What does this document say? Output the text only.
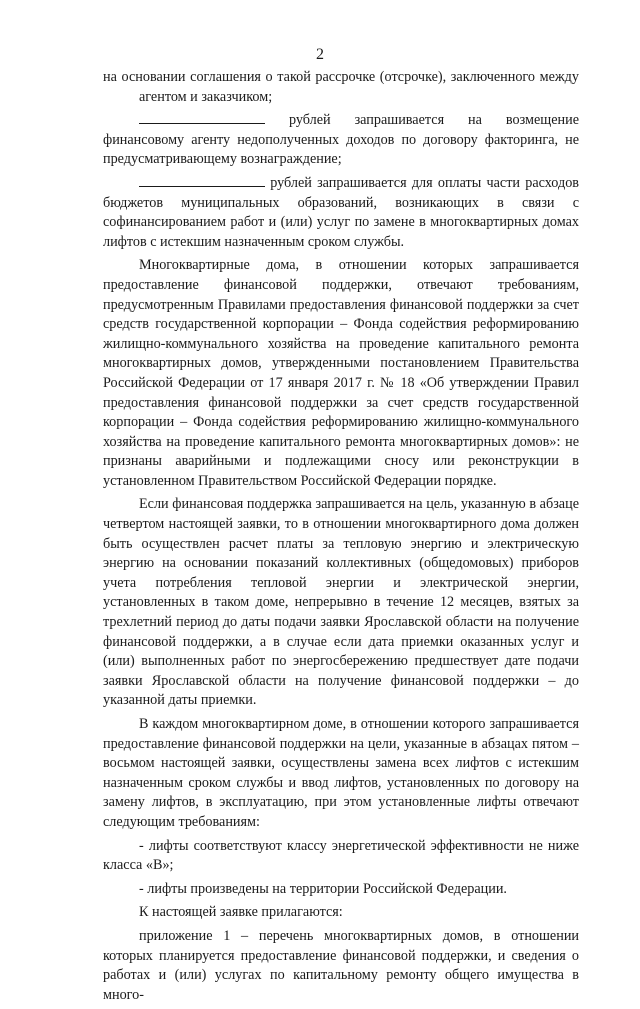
2

на основании соглашения о такой рассрочке (отсрочке), заключенного между агентом и заказчиком;

рублей запрашивается на возмещение финансовому агенту недополученных доходов по договору факторинга, не предусматривающему вознаграждение;

рублей запрашивается для оплаты части расходов бюджетов муниципальных образований, возникающих в связи с софинансированием работ и (или) услуг по замене в многоквартирных домах лифтов с истекшим назначенным сроком службы.

Многоквартирные дома, в отношении которых запрашивается предоставление финансовой поддержки, отвечают требованиям, предусмотренным Правилами предоставления финансовой поддержки за счет средств государственной корпорации – Фонда содействия реформированию жилищно-коммунального хозяйства на проведение капитального ремонта многоквартирных домов, утвержденными постановлением Правительства Российской Федерации от 17 января 2017 г. № 18 «Об утверждении Правил предоставления финансовой поддержки за счет средств государственной корпорации – Фонда содействия реформированию жилищно-коммунального хозяйства на проведение капитального ремонта многоквартирных домов»: не признаны аварийными и подлежащими сносу или реконструкции в установленном Правительством Российской Федерации порядке.

Если финансовая поддержка запрашивается на цель, указанную в абзаце четвертом настоящей заявки, то в отношении многоквартирного дома должен быть осуществлен расчет платы за тепловую энергию и электрическую энергию на основании показаний коллективных (общедомовых) приборов учета потребления тепловой энергии и электрической энергии, установленных в таком доме, непрерывно в течение 12 месяцев, взятых за трехлетний период до даты подачи заявки Ярославской области на получение финансовой поддержки, а в случае если дата приемки оказанных услуг и (или) выполненных работ по энергосбережению предшествует дате подачи заявки Ярославской области на получение финансовой поддержки – до указанной даты приемки.

В каждом многоквартирном доме, в отношении которого запрашивается предоставление финансовой поддержки на цели, указанные в абзацах пятом – восьмом настоящей заявки, осуществлены замена всех лифтов с истекшим назначенным сроком службы и ввод лифтов, установленных по договору на замену лифтов, в эксплуатацию, при этом установленные лифты отвечают следующим требованиям:

- лифты соответствуют классу энергетической эффективности не ниже класса «В»;

- лифты произведены на территории Российской Федерации.

К настоящей заявке прилагаются:

приложение 1 – перечень многоквартирных домов, в отношении которых планируется предоставление финансовой поддержки, и сведения о работах и (или) услугах по капитальному ремонту общего имущества в много-
